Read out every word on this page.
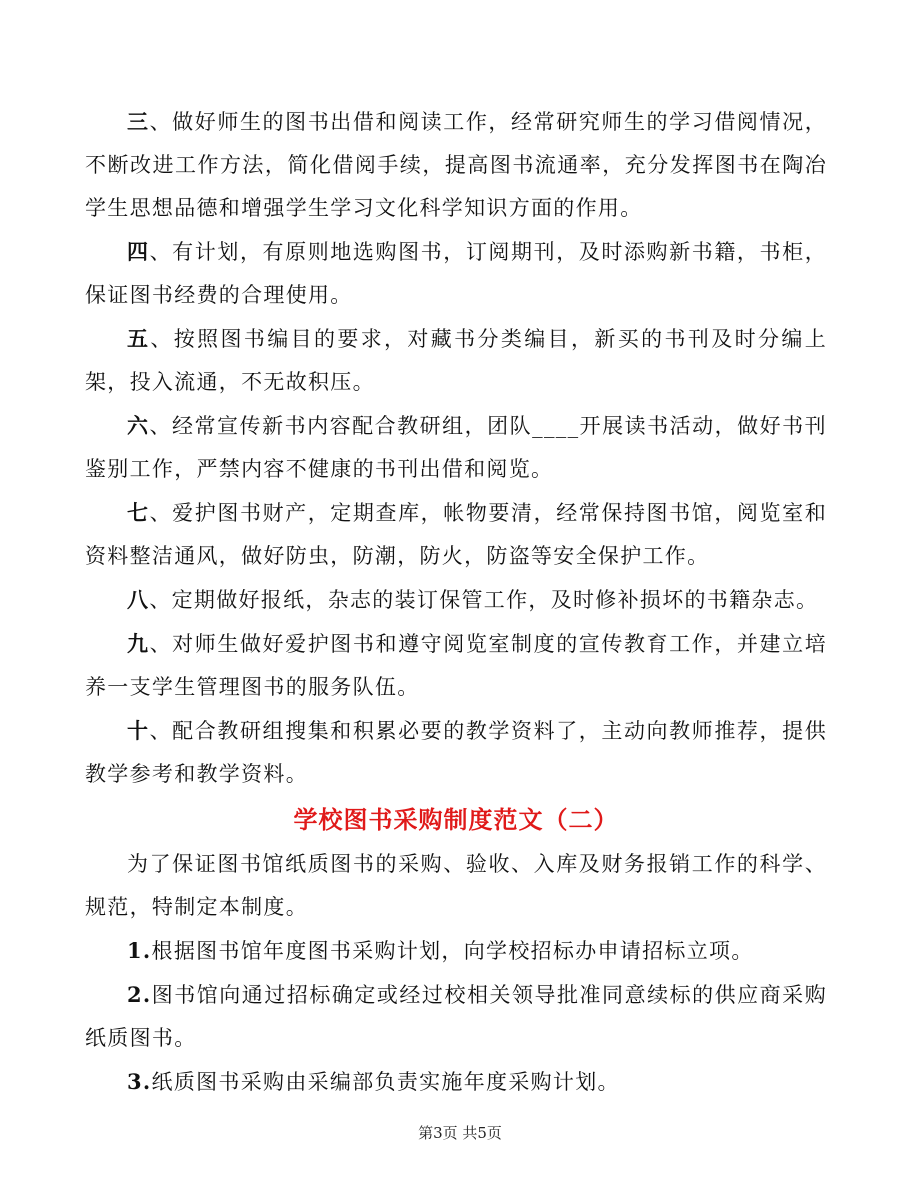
三、做好师生的图书出借和阅读工作，经常研究师生的学习借阅情况，不断改进工作方法，简化借阅手续，提高图书流通率，充分发挥图书在陶冶学生思想品德和增强学生学习文化科学知识方面的作用。

四、有计划，有原则地选购图书，订阅期刊，及时添购新书籍，书柜，保证图书经费的合理使用。

五、按照图书编目的要求，对藏书分类编目，新买的书刊及时分编上架，投入流通，不无故积压。

六、经常宣传新书内容配合教研组，团队____开展读书活动，做好书刊鉴别工作，严禁内容不健康的书刊出借和阅览。

七、爱护图书财产，定期查库，帐物要清，经常保持图书馆，阅览室和资料整洁通风，做好防虫，防潮，防火，防盗等安全保护工作。

八、定期做好报纸，杂志的装订保管工作，及时修补损坏的书籍杂志。

九、对师生做好爱护图书和遵守阅览室制度的宣传教育工作，并建立培养一支学生管理图书的服务队伍。

十、配合教研组搜集和积累必要的教学资料了，主动向教师推荐，提供教学参考和教学资料。

学校图书采购制度范文（二）

为了保证图书馆纸质图书的采购、验收、入库及财务报销工作的科学、规范，特制定本制度。

1.根据图书馆年度图书采购计划，向学校招标办申请招标立项。

2.图书馆向通过招标确定或经过校相关领导批准同意续标的供应商采购纸质图书。

3.纸质图书采购由采编部负责实施年度采购计划。

第3页 共5页
